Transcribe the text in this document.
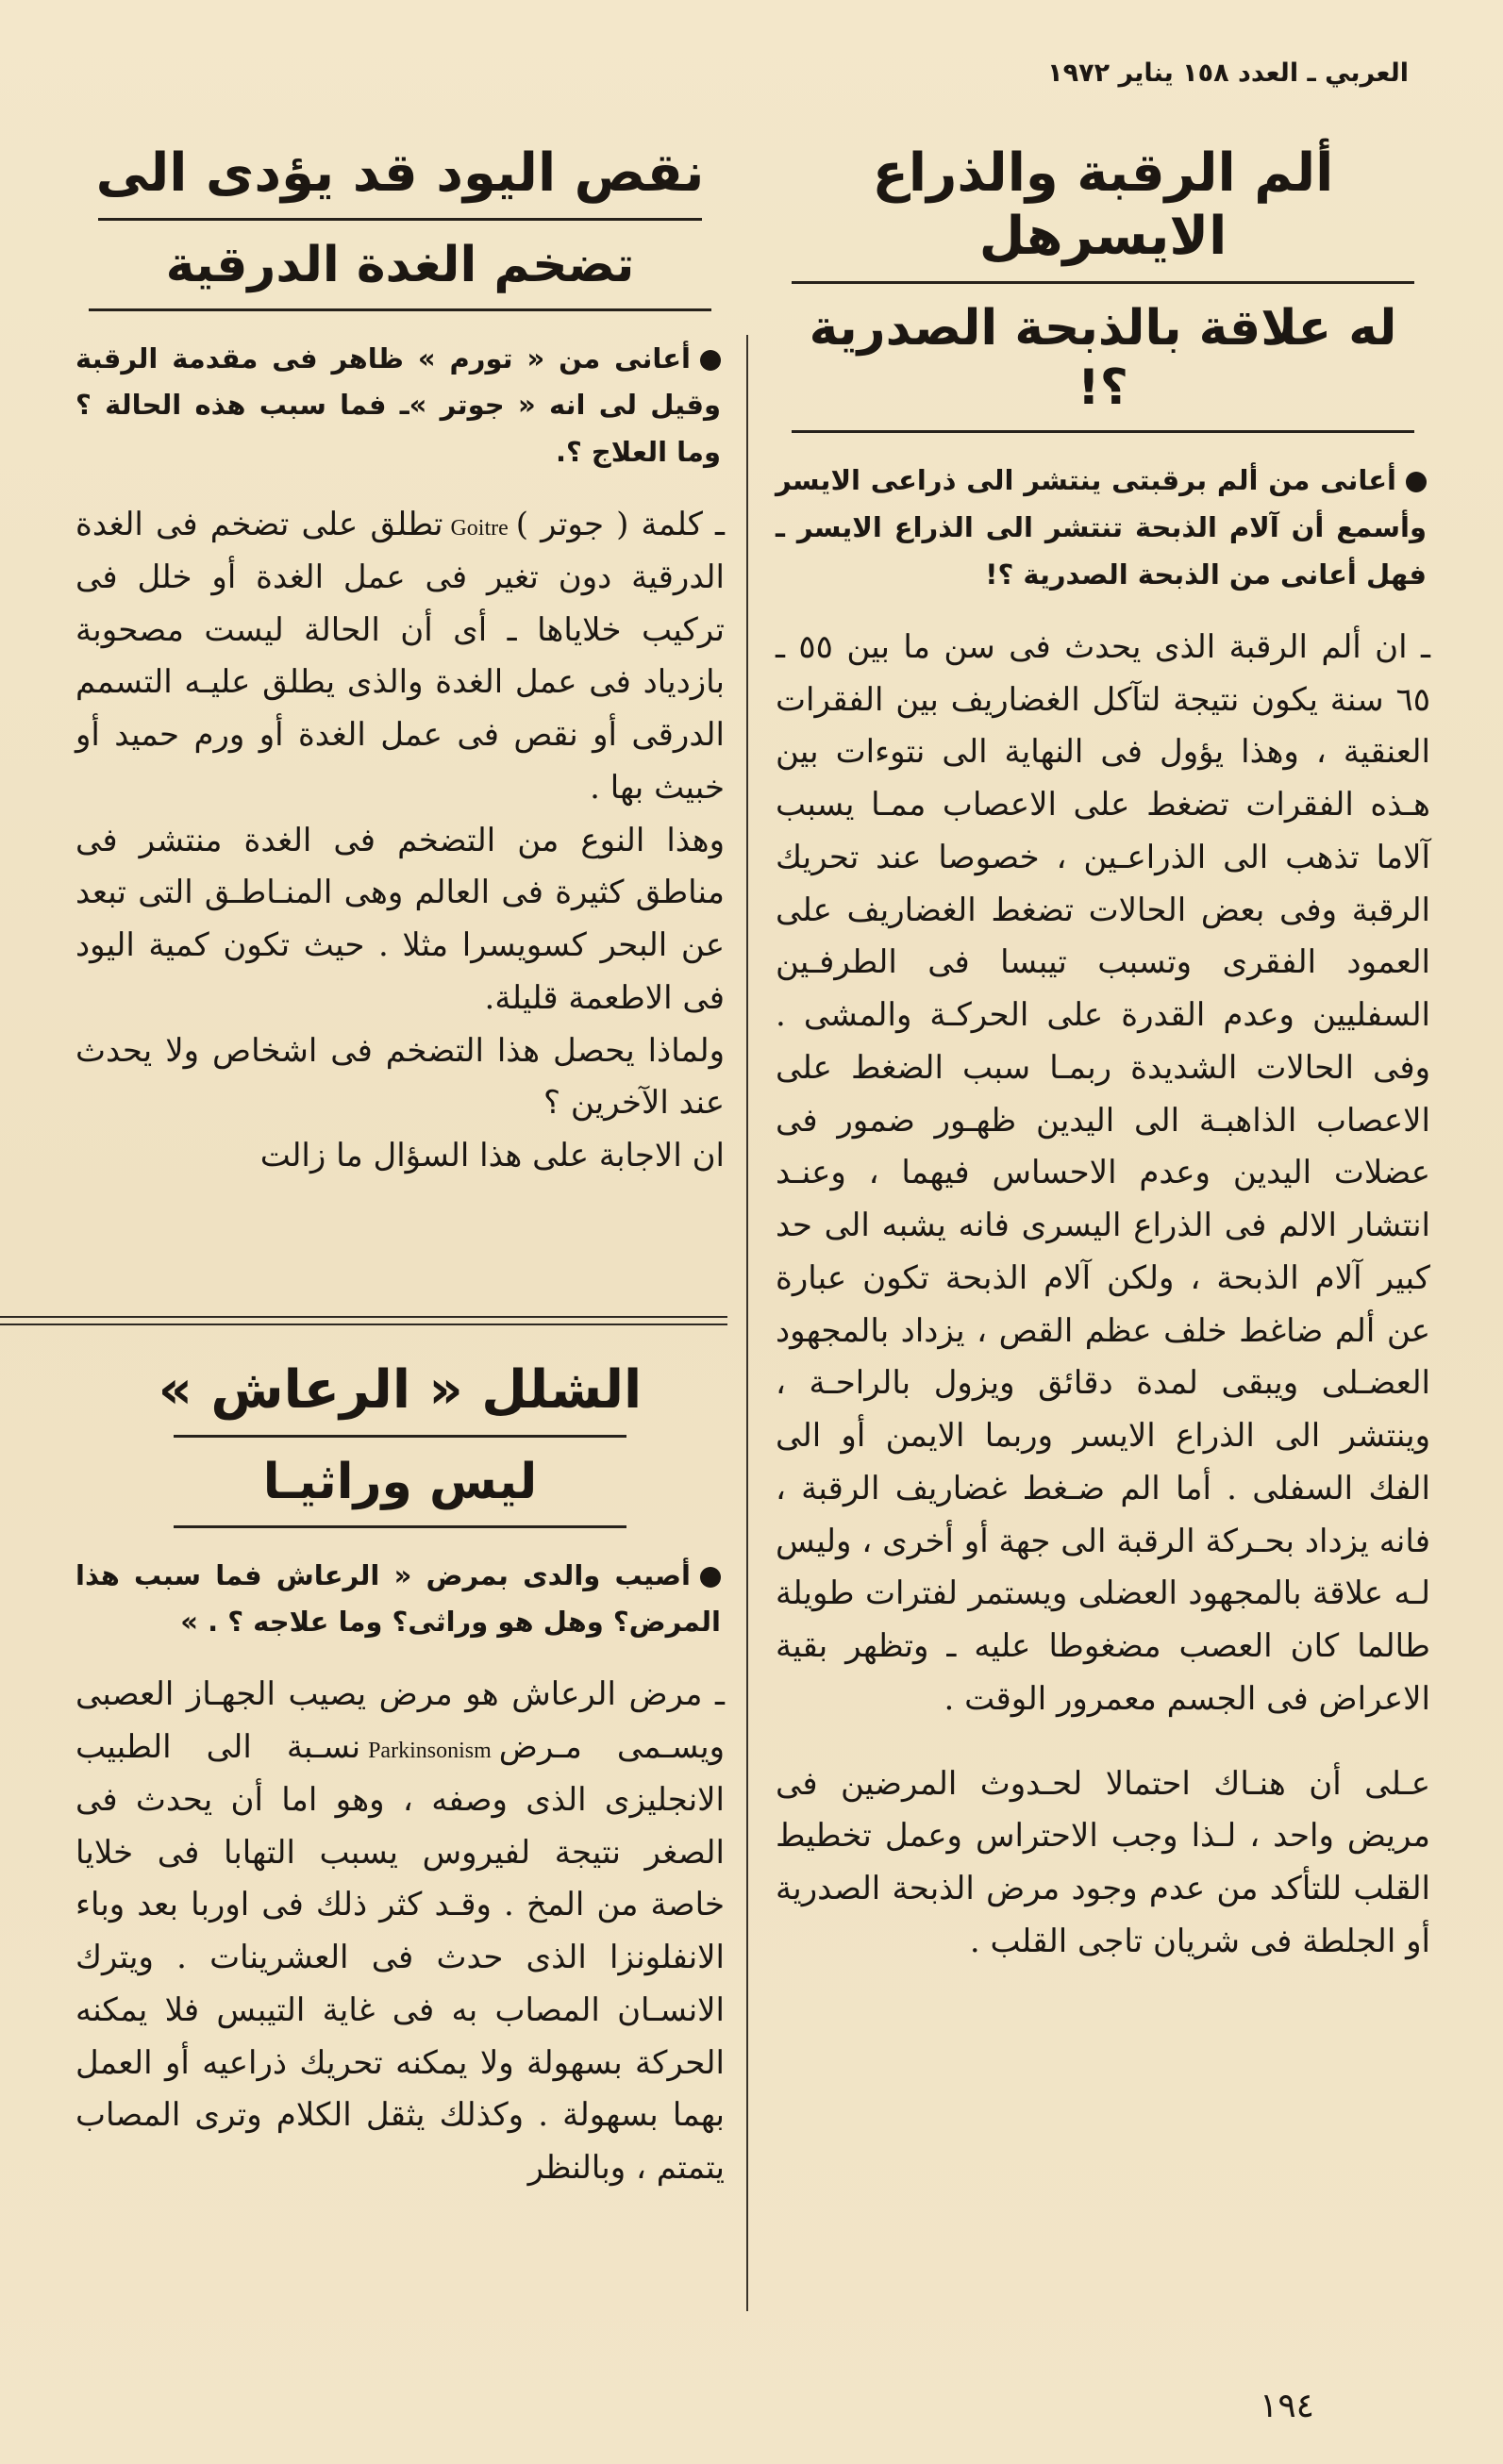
العربي ـ العدد ١٥٨ يناير ١٩٧٢
ألم الرقبة والذراع الايسرهل
له علاقة بالذبحة الصدرية ؟!
أعانى من ألم برقبتى ينتشر الى ذراعى الايسر وأسمع أن آلام الذبحة تنتشر الى الذراع الايسر ـ فهل أعانى من الذبحة الصدرية ؟!

ـ ان ألم الرقبة الذى يحدث فى سن ما بين ٥٥ ـ ٦٥ سنة يكون نتيجة لتآكل الغضاريف بين الفقرات العنقية ، وهذا يؤول فى النهاية الى نتوءات بين هـذه الفقرات تضغط على الاعصاب ممـا يسبب آلاما تذهب الى الذراعـين ، خصوصا عند تحريك الرقبة وفى بعض الحالات تضغط الغضاريف على العمود الفقرى وتسبب تيبسا فى الطرفـين السفليين وعدم القدرة على الحركـة والمشى . وفى الحالات الشديدة ربمـا سبب الضغط على الاعصاب الذاهبـة الى اليدين ظهـور ضمور فى عضلات اليدين وعدم الاحساس فيهما ، وعنـد انتشار الالم فى الذراع اليسرى فانه يشبه الى حد كبير آلام الذبحة ، ولكن آلام الذبحة تكون عبارة عن ألم ضاغط خلف عظم القص ، يزداد بالمجهود العضـلى ويبقى لمدة دقائق ويزول بالراحـة ، وينتشر الى الذراع الايسر وربما الايمن أو الى الفك السفلى . أما الم ضـغط غضاريف الرقبة ، فانه يزداد بحـركة الرقبة الى جهة أو أخرى ، وليس لـه علاقة بالمجهود العضلى ويستمر لفترات طويلة طالما كان العصب مضغوطا عليه ـ وتظهر بقية الاعراض فى الجسم معمرور الوقت .

عـلى أن هنـاك احتمالا لحـدوث المرضين فى مريض واحد ، لـذا وجب الاحتراس وعمل تخطيط القلب للتأكد من عدم وجود مرض الذبحة الصدرية أو الجلطة فى شريان تاجى القلب .

نقص اليود قد يؤدى الى
تضخم الغدة الدرقية
أعانى من « تورم » ظاهر فى مقدمة الرقبة وقيل لى انه « جوتر »ـ فما سبب هذه الحالة ؟ وما العلاج ؟.

ـ كلمة ( جوتر )Goitreتطلق على تضخم فى الغدة الدرقية دون تغير فى عمل الغدة أو خلل فى تركيب خلاياها ـ أى أن الحالة ليست مصحوبة بازدياد فى عمل الغدة والذى يطلق عليـه التسمم الدرقى أو نقص فى عمل الغدة أو ورم حميد أو خبيث بها .

وهذا النوع من التضخم فى الغدة منتشر فى مناطق كثيرة فى العالم وهى المنـاطـق التى تبعد عن البحر كسويسرا مثلا . حيث تكون كمية اليود فى الاطعمة قليلة.

ولماذا يحصل هذا التضخم فى اشخاص ولا يحدث عند الآخرين ؟

ان الاجابة على هذا السؤال ما زالت

الشلل « الرعاش »
ليس وراثيـا
أصيب والدى بمرض « الرعاش فما سبب هذا المرض؟ وهل هو وراثى؟ وما علاجه ؟ . »

ـ مرض الرعاش هو مرض يصيب الجهـاز العصبى ويسـمى مـرضParkinsonismنسـبة الى الطبيب الانجليزى الذى وصفه ، وهو اما أن يحدث فى الصغر نتيجة لفيروس يسبب التهابا فى خلايا خاصة من المخ . وقـد كثر ذلك فى اوربا بعد وباء الانفلونزا الذى حدث فى العشرينات . ويترك الانسـان المصاب به فى غاية التيبس فلا يمكنه الحركة بسهولة ولا يمكنه تحريك ذراعيه أو العمل بهما بسهولة . وكذلك يثقل الكلام وترى المصاب يتمتم ، وبالنظر

١٩٤
